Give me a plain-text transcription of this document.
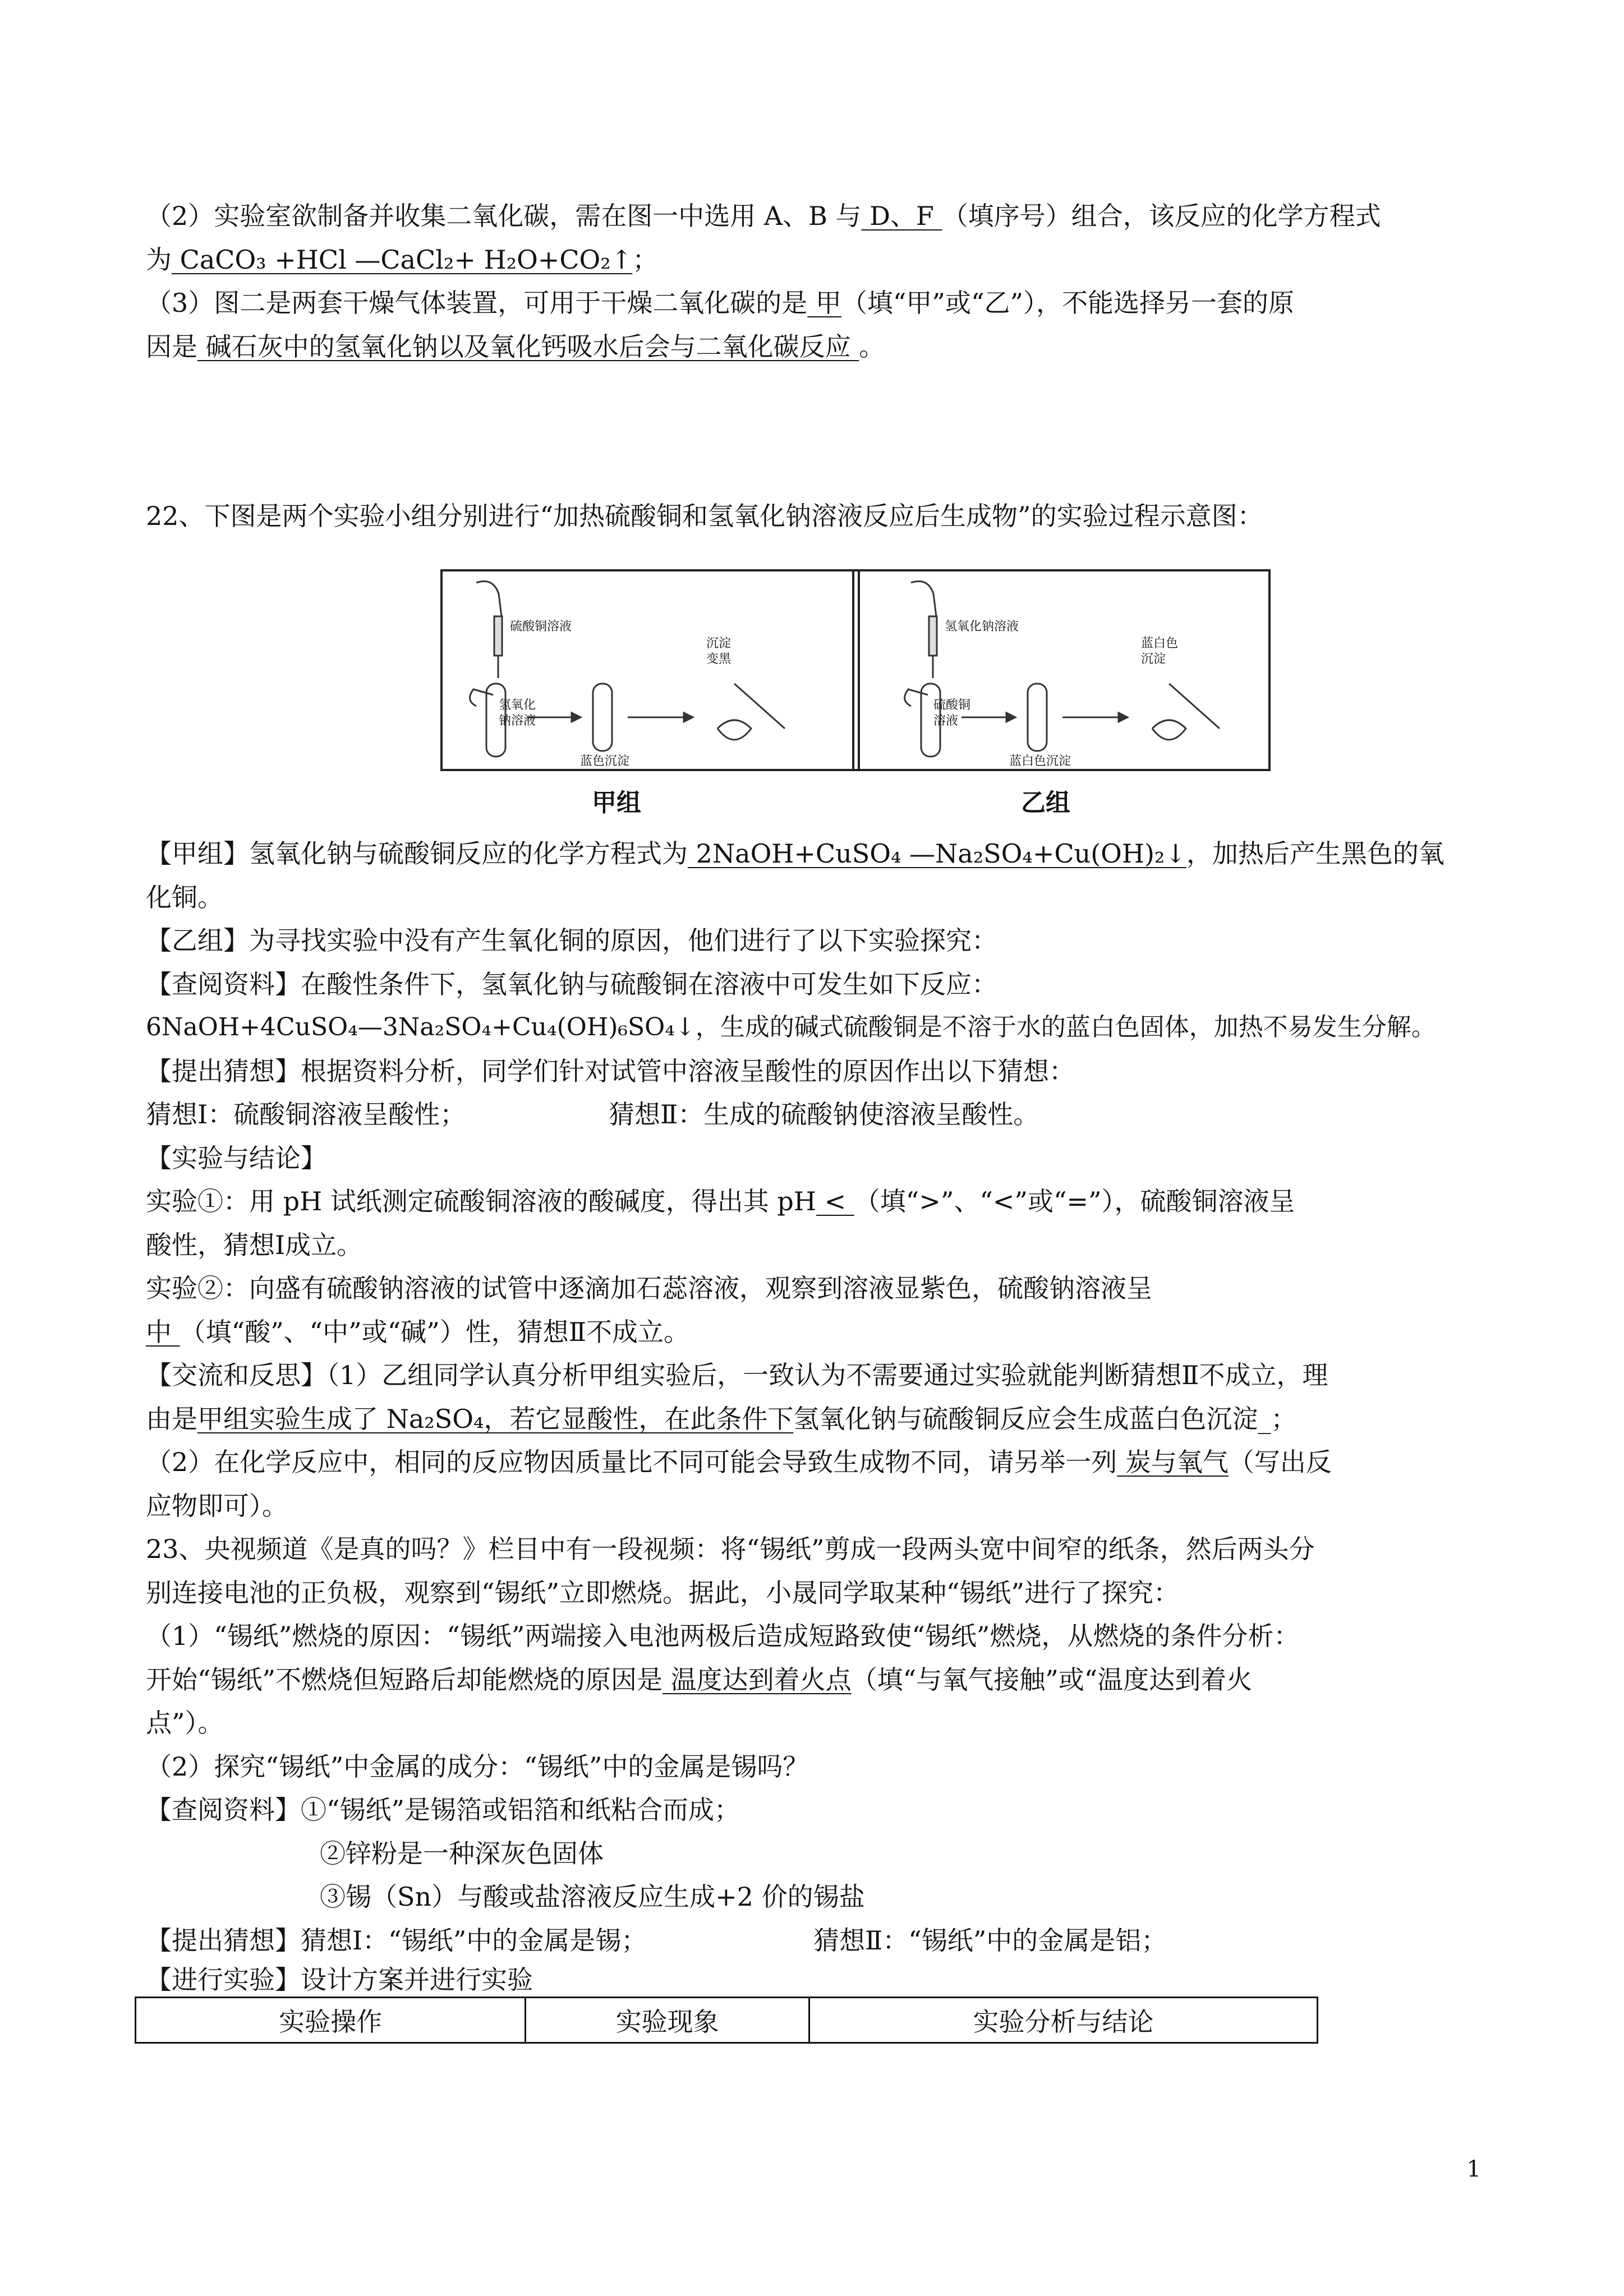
（2）实验室欲制备并收集二氧化碳，需在图一中选用 A、B 与 D、F （填序号）组合，该反应的化学方程式
为 CaCO₃ +HCl —CaCl₂+ H₂O+CO₂↑；
（3）图二是两套干燥气体装置，可用于干燥二氧化碳的是 甲（填“甲”或“乙”），不能选择另一套的原
因是 碱石灰中的氢氧化钠以及氧化钙吸水后会与二氧化碳反应 。
22、下图是两个实验小组分别进行“加热硫酸铜和氢氧化钠溶液反应后生成物”的实验过程示意图：
硫酸铜溶液
氢氧化钠溶液
蓝色沉淀
沉淀变黑
氢氧化钠溶液
硫酸铜溶液
蓝白色沉淀
蓝白色沉淀
甲组	乙组
【甲组】氢氧化钠与硫酸铜反应的化学方程式为 2NaOH+CuSO₄ —Na₂SO₄+Cu(OH)₂↓，加热后产生黑色的氧
化铜。
【乙组】为寻找实验中没有产生氧化铜的原因，他们进行了以下实验探究：
【查阅资料】在酸性条件下，氢氧化钠与硫酸铜在溶液中可发生如下反应：
6NaOH+4CuSO₄—3Na₂SO₄+Cu₄(OH)₆SO₄↓，生成的碱式硫酸铜是不溶于水的蓝白色固体，加热不易发生分解。
【提出猜想】根据资料分析，同学们针对试管中溶液呈酸性的原因作出以下猜想：
猜想Ⅰ：硫酸铜溶液呈酸性；	猜想Ⅱ：生成的硫酸钠使溶液呈酸性。
【实验与结论】
实验①：用 pH 试纸测定硫酸铜溶液的酸碱度，得出其 pH < （填“>”、“<”或“=”），硫酸铜溶液呈
酸性，猜想Ⅰ成立。
实验②：向盛有硫酸钠溶液的试管中逐滴加石蕊溶液，观察到溶液显紫色，硫酸钠溶液呈
中 （填“酸”、“中”或“碱”）性，猜想Ⅱ不成立。
【交流和反思】（1）乙组同学认真分析甲组实验后，一致认为不需要通过实验就能判断猜想Ⅱ不成立，理
由是甲组实验生成了 Na₂SO₄，若它显酸性，在此条件下氢氧化钠与硫酸铜反应会生成蓝白色沉淀_；
（2）在化学反应中，相同的反应物因质量比不同可能会导致生成物不同，请另举一列 炭与氧气（写出反
应物即可）。
23、央视频道《是真的吗？》栏目中有一段视频：将“锡纸”剪成一段两头宽中间窄的纸条，然后两头分
别连接电池的正负极，观察到“锡纸”立即燃烧。据此，小晟同学取某种“锡纸”进行了探究：
（1）“锡纸”燃烧的原因：“锡纸”两端接入电池两极后造成短路致使“锡纸”燃烧，从燃烧的条件分析：
开始“锡纸”不燃烧但短路后却能燃烧的原因是 温度达到着火点（填“与氧气接触”或“温度达到着火
点”）。
（2）探究“锡纸”中金属的成分：“锡纸”中的金属是锡吗？
【查阅资料】①“锡纸”是锡箔或铝箔和纸粘合而成；
②锌粉是一种深灰色固体
③锡（Sn）与酸或盐溶液反应生成+2 价的锡盐
【提出猜想】猜想Ⅰ：“锡纸”中的金属是锡；	猜想Ⅱ：“锡纸”中的金属是铝；
【进行实验】设计方案并进行实验
实验操作	实验现象	实验分析与结论
1
